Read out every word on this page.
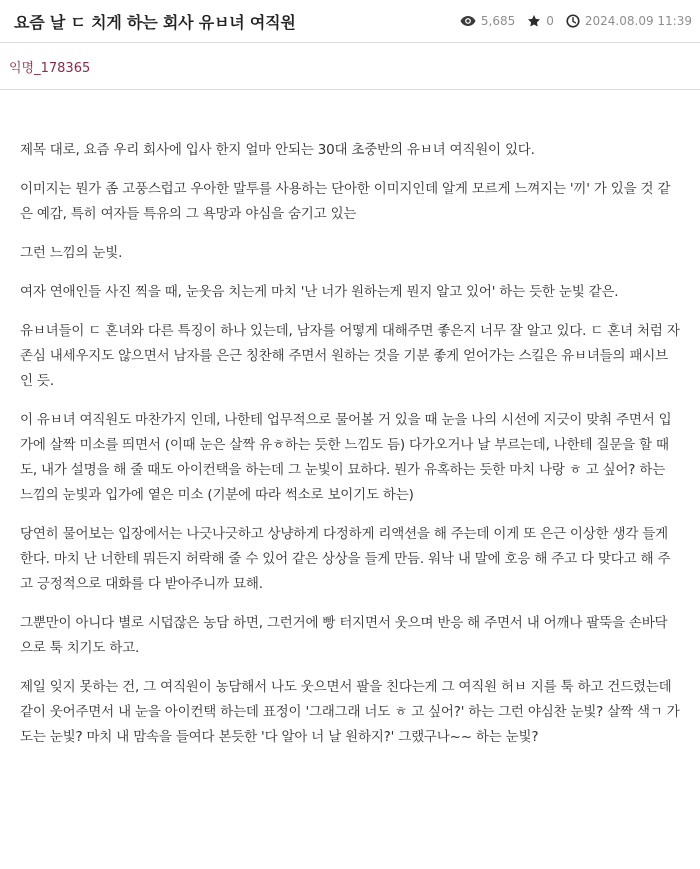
요즘 날 ㄷ 치게 하는 회사 유ㅂ녀 여직원	5,685	0	2024.08.09 11:39
익명_178365

제목 대로, 요즘 우리 회사에 입사 한지 얼마 안되는 30대 초중반의 유ㅂ녀 여직원이 있다.

이미지는 뭔가 좀 고풍스럽고 우아한 말투를 사용하는 단아한 이미지인데 알게 모르게 느껴지는 '끼' 가 있을 것 같은 예감, 특히 여자들 특유의 그 욕망과 야심을 숨기고 있는

그런 느낌의 눈빛.

여자 연애인들 사진 찍을 때, 눈웃음 치는게 마치 '난 너가 원하는게 뭔지 알고 있어' 하는 듯한 눈빛 같은.

유ㅂ녀들이 ㄷ 혼녀와 다른 특징이 하나 있는데, 남자를 어떻게 대해주면 좋은지 너무 잘 알고 있다. ㄷ 혼녀 처럼 자존심 내세우지도 않으면서 남자를 은근 칭찬해 주면서 원하는 것을 기분 좋게 얻어가는 스킬은 유ㅂ녀들의 패시브 인 듯.

이 유ㅂ녀 여직원도 마찬가지 인데, 나한테 업무적으로 물어볼 거 있을 때 눈을 나의 시선에 지긋이 맞춰 주면서 입가에 살짝 미소를 띄면서 (이때 눈은 살짝 유ㅎ하는 듯한 느낌도 듬) 다가오거나 날 부르는데, 나한테 질문을 할 때도, 내가 설명을 해 줄 때도 아이컨택을 하는데 그 눈빛이 묘하다. 뭔가 유혹하는 듯한 마치 나랑 ㅎ 고 싶어? 하는 느낌의 눈빛과 입가에 옅은 미소 (기분에 따라 썩소로 보이기도 하는)

당연히 물어보는 입장에서는 나긋나긋하고 상냥하게 다정하게 리액션을 해 주는데 이게 또 은근 이상한 생각 들게 한다. 마치 난 너한테 뭐든지 허락해 줄 수 있어 같은 상상을 들게 만듬. 워낙 내 말에 호응 해 주고 다 맞다고 해 주고 긍정적으로 대화를 다 받아주니까 묘해.

그뿐만이 아니다 별로 시덥잖은 농담 하면, 그런거에 빵 터지면서 웃으며 반응 해 주면서 내 어깨나 팔뚝을 손바닥으로 툭 치기도 하고.

제일 잊지 못하는 건, 그 여직원이 농담해서 나도 웃으면서 팔을 친다는게 그 여직원 허ㅂ 지를 툭 하고 건드렸는데 같이 웃어주면서 내 눈을 아이컨택 하는데 표정이 '그래그래 너도 ㅎ 고 싶어?' 하는 그런 야심찬 눈빛? 살짝 색ㄱ 가 도는 눈빛? 마치 내 맘속을 들여다 본듯한 '다 알아 너 날 원하지?' 그랬구나~~ 하는 눈빛?
